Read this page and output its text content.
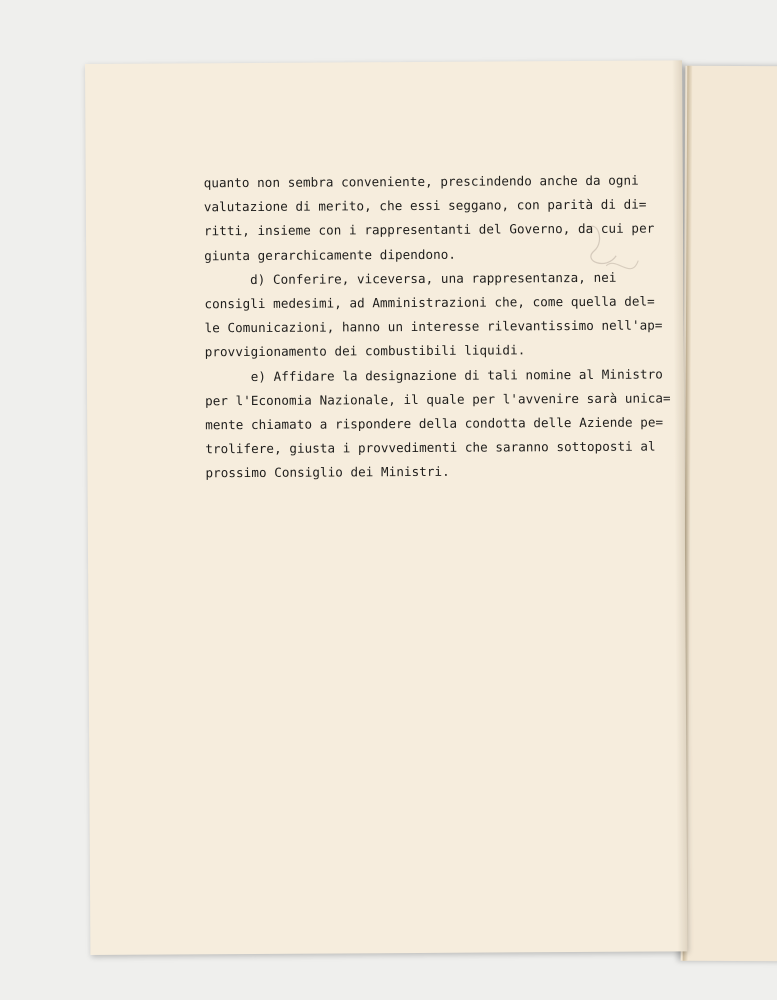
quanto non sembra conveniente, prescindendo anche da ogni
valutazione di merito, che essi seggano, con parità di di=
ritti, insieme con i rappresentanti del Governo, da cui per
giunta gerarchicamente dipendono.
d) Conferire, viceversa, una rappresentanza, nei
consigli medesimi, ad Amministrazioni che, come quella del=
le Comunicazioni, hanno un interesse rilevantissimo nell'ap=
provvigionamento dei combustibili liquidi.
e) Affidare la designazione di tali nomine al Ministro
per l'Economia Nazionale, il quale per l'avvenire sarà unica=
mente chiamato a rispondere della condotta delle Aziende pe=
trolifere, giusta i provvedimenti che saranno sottoposti al
prossimo Consiglio dei Ministri.
